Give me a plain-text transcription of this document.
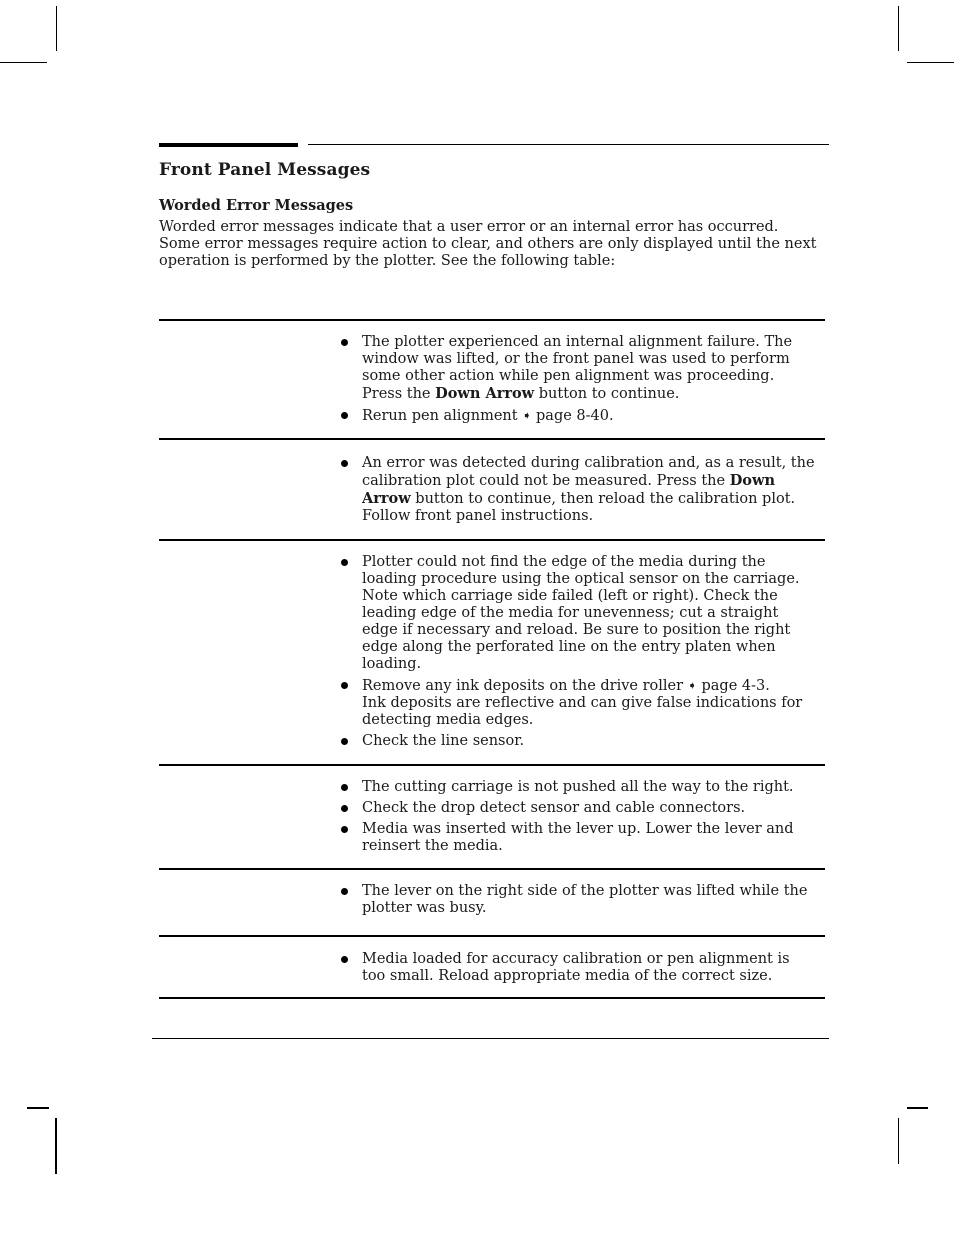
Front Panel Messages
Worded Error Messages

Worded error messages indicate that a user error or an internal error has occurred. Some error messages require action to clear, and others are only displayed until the next operation is performed by the plotter. See the following table:

The plotter experienced an internal alignment failure. The window was lifted, or the front panel was used to perform some other action while pen alignment was proceeding. Press the Down Arrow button to continue.
Rerun pen alignment ➧ page 8-40.
An error was detected during calibration and, as a result, the calibration plot could not be measured. Press the Down Arrow button to continue, then reload the calibration plot. Follow front panel instructions.
Plotter could not find the edge of the media during the loading procedure using the optical sensor on the carriage. Note which carriage side failed (left or right). Check the leading edge of the media for unevenness; cut a straight edge if necessary and reload. Be sure to position the right edge along the perforated line on the entry platen when loading.
Remove any ink deposits on the drive roller ➧ page 4-3.
Ink deposits are reflective and can give false indications for detecting media edges.
Check the line sensor.
The cutting carriage is not pushed all the way to the right.
Check the drop detect sensor and cable connectors.
Media was inserted with the lever up. Lower the lever and reinsert the media.
The lever on the right side of the plotter was lifted while the plotter was busy.
Media loaded for accuracy calibration or pen alignment is too small. Reload appropriate media of the correct size.
